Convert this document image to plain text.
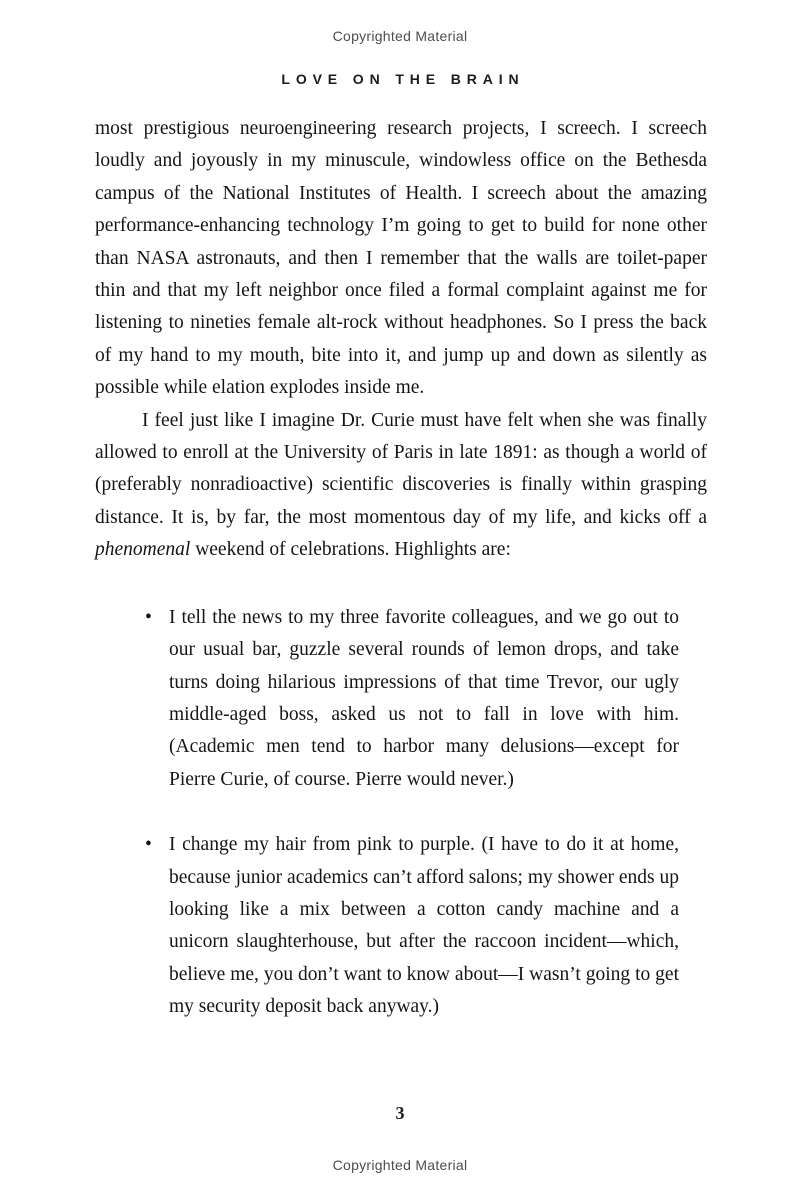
Copyrighted Material
LOVE ON THE BRAIN

most prestigious neuroengineering research projects, I screech. I screech loudly and joyously in my minuscule, windowless office on the Bethesda campus of the National Institutes of Health. I screech about the amazing performance-enhancing technology I’m going to get to build for none other than NASA astronauts, and then I remember that the walls are toilet-paper thin and that my left neighbor once filed a formal complaint against me for listening to nineties female alt-rock without headphones. So I press the back of my hand to my mouth, bite into it, and jump up and down as silently as possible while elation explodes inside me.

I feel just like I imagine Dr. Curie must have felt when she was finally allowed to enroll at the University of Paris in late 1891: as though a world of (preferably nonradioactive) scientific discoveries is finally within grasping distance. It is, by far, the most momentous day of my life, and kicks off a phenomenal weekend of celebrations. Highlights are:

• I tell the news to my three favorite colleagues, and we go out to our usual bar, guzzle several rounds of lemon drops, and take turns doing hilarious impressions of that time Trevor, our ugly middle-aged boss, asked us not to fall in love with him. (Academic men tend to harbor many delusions—except for Pierre Curie, of course. Pierre would never.)
• I change my hair from pink to purple. (I have to do it at home, because junior academics can’t afford salons; my shower ends up looking like a mix between a cotton candy machine and a unicorn slaughterhouse, but after the raccoon incident—which, believe me, you don’t want to know about—I wasn’t going to get my security deposit back anyway.)
3
Copyrighted Material
